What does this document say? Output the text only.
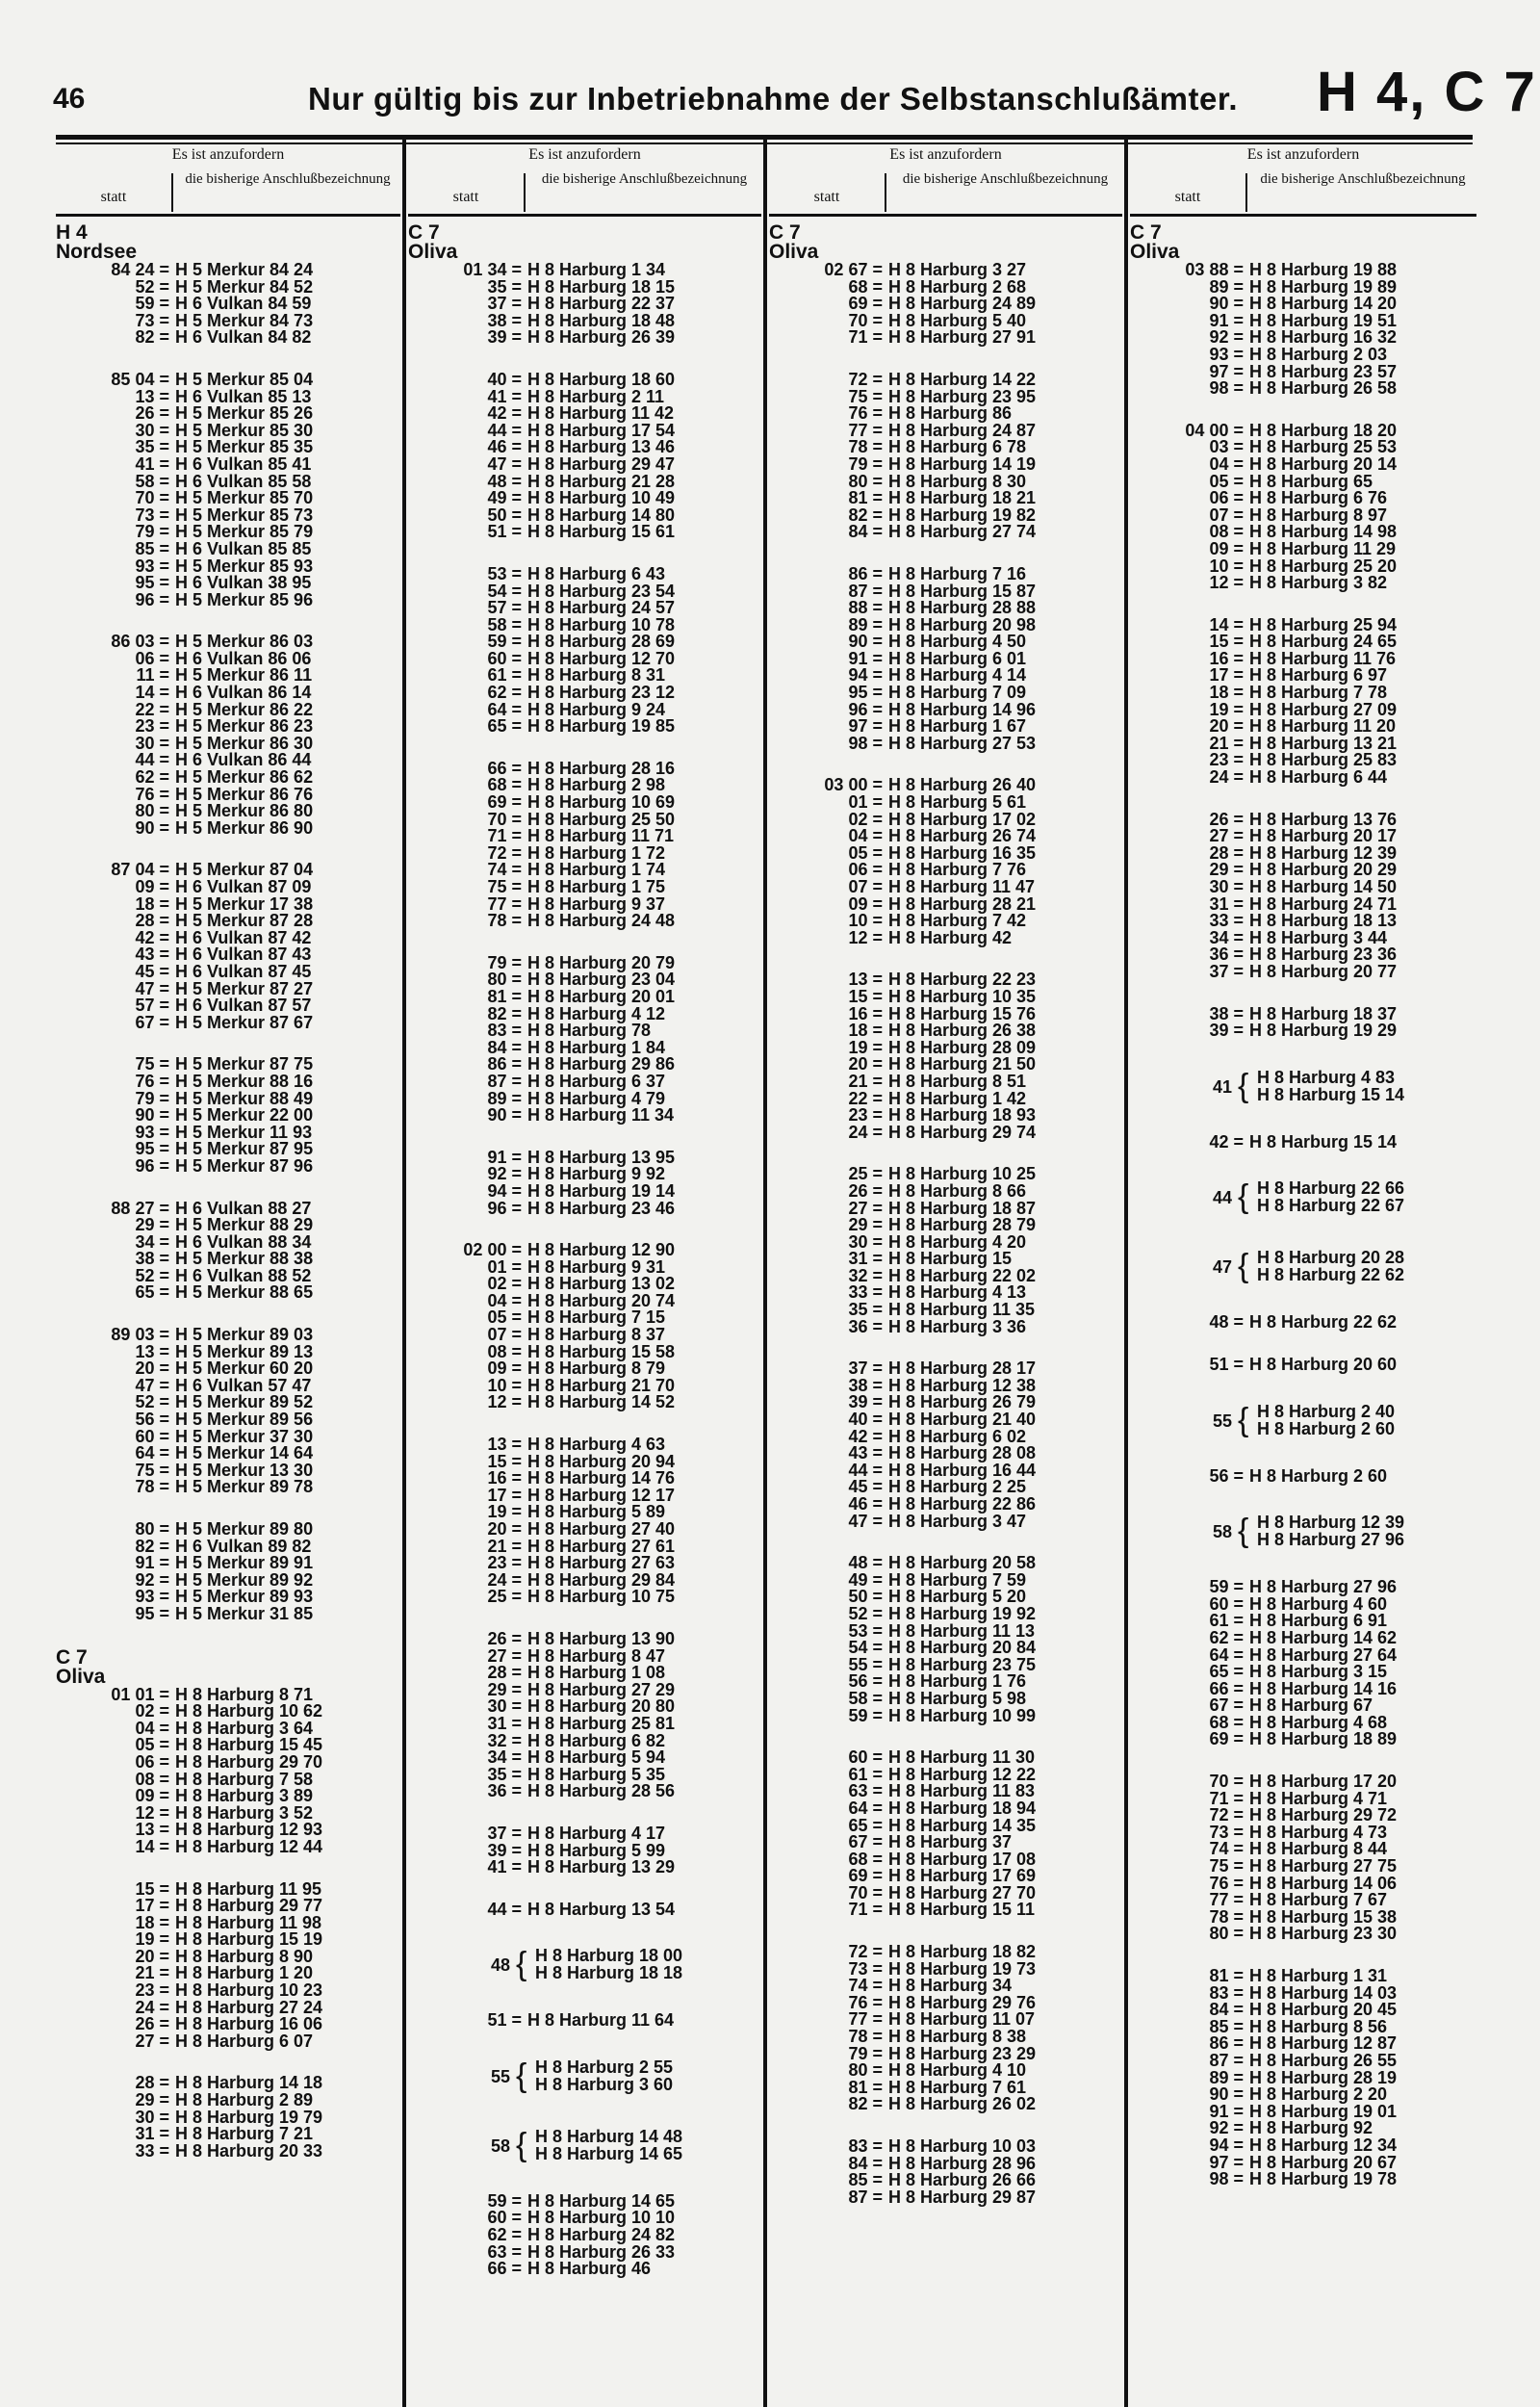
46	Nur gültig bis zur Inbetriebnahme der Selbstanschlußämter. H 4, C 7
Es ist anzufordern
statt
die bisherige Anschlußbezeichnung
H 4
Nordsee
84 24 = H 5 Merkur 84 24
52 = H 5 Merkur 84 52
59 = H 6 Vulkan 84 59
73 = H 5 Merkur 84 73
82 = H 6 Vulkan 84 82
85 04 = H 5 Merkur 85 04
13 = H 6 Vulkan 85 13
26 = H 5 Merkur 85 26
30 = H 5 Merkur 85 30
35 = H 5 Merkur 85 35
41 = H 6 Vulkan 85 41
58 = H 6 Vulkan 85 58
70 = H 5 Merkur 85 70
73 = H 5 Merkur 85 73
79 = H 5 Merkur 85 79
85 = H 6 Vulkan 85 85
93 = H 5 Merkur 85 93
95 = H 6 Vulkan 38 95
96 = H 5 Merkur 85 96
86 03 = H 5 Merkur 86 03
06 = H 6 Vulkan 86 06
11 = H 5 Merkur 86 11
14 = H 6 Vulkan 86 14
22 = H 5 Merkur 86 22
23 = H 5 Merkur 86 23
30 = H 5 Merkur 86 30
44 = H 6 Vulkan 86 44
62 = H 5 Merkur 86 62
76 = H 5 Merkur 86 76
80 = H 5 Merkur 86 80
90 = H 5 Merkur 86 90
87 04 = H 5 Merkur 87 04
09 = H 6 Vulkan 87 09
18 = H 5 Merkur 17 38
28 = H 5 Merkur 87 28
42 = H 6 Vulkan 87 42
43 = H 6 Vulkan 87 43
45 = H 6 Vulkan 87 45
47 = H 5 Merkur 87 27
57 = H 6 Vulkan 87 57
67 = H 5 Merkur 87 67
75 = H 5 Merkur 87 75
76 = H 5 Merkur 88 16
79 = H 5 Merkur 88 49
90 = H 5 Merkur 22 00
93 = H 5 Merkur 11 93
95 = H 5 Merkur 87 95
96 = H 5 Merkur 87 96
88 27 = H 6 Vulkan 88 27
29 = H 5 Merkur 88 29
34 = H 6 Vulkan 88 34
38 = H 5 Merkur 88 38
52 = H 6 Vulkan 88 52
65 = H 5 Merkur 88 65
89 03 = H 5 Merkur 89 03
13 = H 5 Merkur 89 13
20 = H 5 Merkur 60 20
47 = H 6 Vulkan 57 47
52 = H 5 Merkur 89 52
56 = H 5 Merkur 89 56
60 = H 5 Merkur 37 30
64 = H 5 Merkur 14 64
75 = H 5 Merkur 13 30
78 = H 5 Merkur 89 78
80 = H 5 Merkur 89 80
82 = H 6 Vulkan 89 82
91 = H 5 Merkur 89 91
92 = H 5 Merkur 89 92
93 = H 5 Merkur 89 93
95 = H 5 Merkur 31 85
C 7
Oliva
01 01 = H 8 Harburg 8 71
02 = H 8 Harburg 10 62
04 = H 8 Harburg 3 64
05 = H 8 Harburg 15 45
06 = H 8 Harburg 29 70
08 = H 8 Harburg 7 58
09 = H 8 Harburg 3 89
12 = H 8 Harburg 3 52
13 = H 8 Harburg 12 93
14 = H 8 Harburg 12 44
15 = H 8 Harburg 11 95
17 = H 8 Harburg 29 77
18 = H 8 Harburg 11 98
19 = H 8 Harburg 15 19
20 = H 8 Harburg 8 90
21 = H 8 Harburg 1 20
23 = H 8 Harburg 10 23
24 = H 8 Harburg 27 24
26 = H 8 Harburg 16 06
27 = H 8 Harburg 6 07
28 = H 8 Harburg 14 18
29 = H 8 Harburg 2 89
30 = H 8 Harburg 19 79
31 = H 8 Harburg 7 21
33 = H 8 Harburg 20 33
Es ist anzufordern
statt
die bisherige Anschlußbezeichnung
C 7
Oliva
01 34 = H 8 Harburg 1 34
35 = H 8 Harburg 18 15
37 = H 8 Harburg 22 37
38 = H 8 Harburg 18 48
39 = H 8 Harburg 26 39
40 = H 8 Harburg 18 60
41 = H 8 Harburg 2 11
42 = H 8 Harburg 11 42
44 = H 8 Harburg 17 54
46 = H 8 Harburg 13 46
47 = H 8 Harburg 29 47
48 = H 8 Harburg 21 28
49 = H 8 Harburg 10 49
50 = H 8 Harburg 14 80
51 = H 8 Harburg 15 61
53 = H 8 Harburg 6 43
54 = H 8 Harburg 23 54
57 = H 8 Harburg 24 57
58 = H 8 Harburg 10 78
59 = H 8 Harburg 28 69
60 = H 8 Harburg 12 70
61 = H 8 Harburg 8 31
62 = H 8 Harburg 23 12
64 = H 8 Harburg 9 24
65 = H 8 Harburg 19 85
66 = H 8 Harburg 28 16
68 = H 8 Harburg 2 98
69 = H 8 Harburg 10 69
70 = H 8 Harburg 25 50
71 = H 8 Harburg 11 71
72 = H 8 Harburg 1 72
74 = H 8 Harburg 1 74
75 = H 8 Harburg 1 75
77 = H 8 Harburg 9 37
78 = H 8 Harburg 24 48
79 = H 8 Harburg 20 79
80 = H 8 Harburg 23 04
81 = H 8 Harburg 20 01
82 = H 8 Harburg 4 12
83 = H 8 Harburg 78
84 = H 8 Harburg 1 84
86 = H 8 Harburg 29 86
87 = H 8 Harburg 6 37
89 = H 8 Harburg 4 79
90 = H 8 Harburg 11 34
91 = H 8 Harburg 13 95
92 = H 8 Harburg 9 92
94 = H 8 Harburg 19 14
96 = H 8 Harburg 23 46
02 00 = H 8 Harburg 12 90
01 = H 8 Harburg 9 31
02 = H 8 Harburg 13 02
04 = H 8 Harburg 20 74
05 = H 8 Harburg 7 15
07 = H 8 Harburg 8 37
08 = H 8 Harburg 15 58
09 = H 8 Harburg 8 79
10 = H 8 Harburg 21 70
12 = H 8 Harburg 14 52
13 = H 8 Harburg 4 63
15 = H 8 Harburg 20 94
16 = H 8 Harburg 14 76
17 = H 8 Harburg 12 17
19 = H 8 Harburg 5 89
20 = H 8 Harburg 27 40
21 = H 8 Harburg 27 61
23 = H 8 Harburg 27 63
24 = H 8 Harburg 29 84
25 = H 8 Harburg 10 75
26 = H 8 Harburg 13 90
27 = H 8 Harburg 8 47
28 = H 8 Harburg 1 08
29 = H 8 Harburg 27 29
30 = H 8 Harburg 20 80
31 = H 8 Harburg 25 81
32 = H 8 Harburg 6 82
34 = H 8 Harburg 5 94
35 = H 8 Harburg 5 35
36 = H 8 Harburg 28 56
37 = H 8 Harburg 4 17
39 = H 8 Harburg 5 99
41 = H 8 Harburg 13 29
44 = H 8 Harburg 13 54
48 { H 8 Harburg 18 00
H 8 Harburg 18 18
51 = H 8 Harburg 11 64
55 { H 8 Harburg 2 55
H 8 Harburg 3 60
58 { H 8 Harburg 14 48
H 8 Harburg 14 65
59 = H 8 Harburg 14 65
60 = H 8 Harburg 10 10
62 = H 8 Harburg 24 82
63 = H 8 Harburg 26 33
66 = H 8 Harburg 46
Es ist anzufordern
statt
die bisherige Anschlußbezeichnung
C 7
Oliva
02 67 = H 8 Harburg 3 27
68 = H 8 Harburg 2 68
69 = H 8 Harburg 24 89
70 = H 8 Harburg 5 40
71 = H 8 Harburg 27 91
72 = H 8 Harburg 14 22
75 = H 8 Harburg 23 95
76 = H 8 Harburg 86
77 = H 8 Harburg 24 87
78 = H 8 Harburg 6 78
79 = H 8 Harburg 14 19
80 = H 8 Harburg 8 30
81 = H 8 Harburg 18 21
82 = H 8 Harburg 19 82
84 = H 8 Harburg 27 74
86 = H 8 Harburg 7 16
87 = H 8 Harburg 15 87
88 = H 8 Harburg 28 88
89 = H 8 Harburg 20 98
90 = H 8 Harburg 4 50
91 = H 8 Harburg 6 01
94 = H 8 Harburg 4 14
95 = H 8 Harburg 7 09
96 = H 8 Harburg 14 96
97 = H 8 Harburg 1 67
98 = H 8 Harburg 27 53
03 00 = H 8 Harburg 26 40
01 = H 8 Harburg 5 61
02 = H 8 Harburg 17 02
04 = H 8 Harburg 26 74
05 = H 8 Harburg 16 35
06 = H 8 Harburg 7 76
07 = H 8 Harburg 11 47
09 = H 8 Harburg 28 21
10 = H 8 Harburg 7 42
12 = H 8 Harburg 42
13 = H 8 Harburg 22 23
15 = H 8 Harburg 10 35
16 = H 8 Harburg 15 76
18 = H 8 Harburg 26 38
19 = H 8 Harburg 28 09
20 = H 8 Harburg 21 50
21 = H 8 Harburg 8 51
22 = H 8 Harburg 1 42
23 = H 8 Harburg 18 93
24 = H 8 Harburg 29 74
25 = H 8 Harburg 10 25
26 = H 8 Harburg 8 66
27 = H 8 Harburg 18 87
29 = H 8 Harburg 28 79
30 = H 8 Harburg 4 20
31 = H 8 Harburg 15
32 = H 8 Harburg 22 02
33 = H 8 Harburg 4 13
35 = H 8 Harburg 11 35
36 = H 8 Harburg 3 36
37 = H 8 Harburg 28 17
38 = H 8 Harburg 12 38
39 = H 8 Harburg 26 79
40 = H 8 Harburg 21 40
42 = H 8 Harburg 6 02
43 = H 8 Harburg 28 08
44 = H 8 Harburg 16 44
45 = H 8 Harburg 2 25
46 = H 8 Harburg 22 86
47 = H 8 Harburg 3 47
48 = H 8 Harburg 20 58
49 = H 8 Harburg 7 59
50 = H 8 Harburg 5 20
52 = H 8 Harburg 19 92
53 = H 8 Harburg 11 13
54 = H 8 Harburg 20 84
55 = H 8 Harburg 23 75
56 = H 8 Harburg 1 76
58 = H 8 Harburg 5 98
59 = H 8 Harburg 10 99
60 = H 8 Harburg 11 30
61 = H 8 Harburg 12 22
63 = H 8 Harburg 11 83
64 = H 8 Harburg 18 94
65 = H 8 Harburg 14 35
67 = H 8 Harburg 37
68 = H 8 Harburg 17 08
69 = H 8 Harburg 17 69
70 = H 8 Harburg 27 70
71 = H 8 Harburg 15 11
72 = H 8 Harburg 18 82
73 = H 8 Harburg 19 73
74 = H 8 Harburg 34
76 = H 8 Harburg 29 76
77 = H 8 Harburg 11 07
78 = H 8 Harburg 8 38
79 = H 8 Harburg 23 29
80 = H 8 Harburg 4 10
81 = H 8 Harburg 7 61
82 = H 8 Harburg 26 02
83 = H 8 Harburg 10 03
84 = H 8 Harburg 28 96
85 = H 8 Harburg 26 66
87 = H 8 Harburg 29 87
Es ist anzufordern
statt
die bisherige Anschlußbezeichnung
C 7
Oliva
03 88 = H 8 Harburg 19 88
89 = H 8 Harburg 19 89
90 = H 8 Harburg 14 20
91 = H 8 Harburg 19 51
92 = H 8 Harburg 16 32
93 = H 8 Harburg 2 03
97 = H 8 Harburg 23 57
98 = H 8 Harburg 26 58
04 00 = H 8 Harburg 18 20
03 = H 8 Harburg 25 53
04 = H 8 Harburg 20 14
05 = H 8 Harburg 65
06 = H 8 Harburg 6 76
07 = H 8 Harburg 8 97
08 = H 8 Harburg 14 98
09 = H 8 Harburg 11 29
10 = H 8 Harburg 25 20
12 = H 8 Harburg 3 82
14 = H 8 Harburg 25 94
15 = H 8 Harburg 24 65
16 = H 8 Harburg 11 76
17 = H 8 Harburg 6 97
18 = H 8 Harburg 7 78
19 = H 8 Harburg 27 09
20 = H 8 Harburg 11 20
21 = H 8 Harburg 13 21
23 = H 8 Harburg 25 83
24 = H 8 Harburg 6 44
26 = H 8 Harburg 13 76
27 = H 8 Harburg 20 17
28 = H 8 Harburg 12 39
29 = H 8 Harburg 20 29
30 = H 8 Harburg 14 50
31 = H 8 Harburg 24 71
33 = H 8 Harburg 18 13
34 = H 8 Harburg 3 44
36 = H 8 Harburg 23 36
37 = H 8 Harburg 20 77
38 = H 8 Harburg 18 37
39 = H 8 Harburg 19 29
41 { H 8 Harburg 4 83
H 8 Harburg 15 14
42 = H 8 Harburg 15 14
44 { H 8 Harburg 22 66
H 8 Harburg 22 67
47 { H 8 Harburg 20 28
H 8 Harburg 22 62
48 = H 8 Harburg 22 62
51 = H 8 Harburg 20 60
55 { H 8 Harburg 2 40
H 8 Harburg 2 60
56 = H 8 Harburg 2 60
58 { H 8 Harburg 12 39
H 8 Harburg 27 96
59 = H 8 Harburg 27 96
60 = H 8 Harburg 4 60
61 = H 8 Harburg 6 91
62 = H 8 Harburg 14 62
64 = H 8 Harburg 27 64
65 = H 8 Harburg 3 15
66 = H 8 Harburg 14 16
67 = H 8 Harburg 67
68 = H 8 Harburg 4 68
69 = H 8 Harburg 18 89
70 = H 8 Harburg 17 20
71 = H 8 Harburg 4 71
72 = H 8 Harburg 29 72
73 = H 8 Harburg 4 73
74 = H 8 Harburg 8 44
75 = H 8 Harburg 27 75
76 = H 8 Harburg 14 06
77 = H 8 Harburg 7 67
78 = H 8 Harburg 15 38
80 = H 8 Harburg 23 30
81 = H 8 Harburg 1 31
83 = H 8 Harburg 14 03
84 = H 8 Harburg 20 45
85 = H 8 Harburg 8 56
86 = H 8 Harburg 12 87
87 = H 8 Harburg 26 55
89 = H 8 Harburg 28 19
90 = H 8 Harburg 2 20
91 = H 8 Harburg 19 01
92 = H 8 Harburg 92
94 = H 8 Harburg 12 34
97 = H 8 Harburg 20 67
98 = H 8 Harburg 19 78
